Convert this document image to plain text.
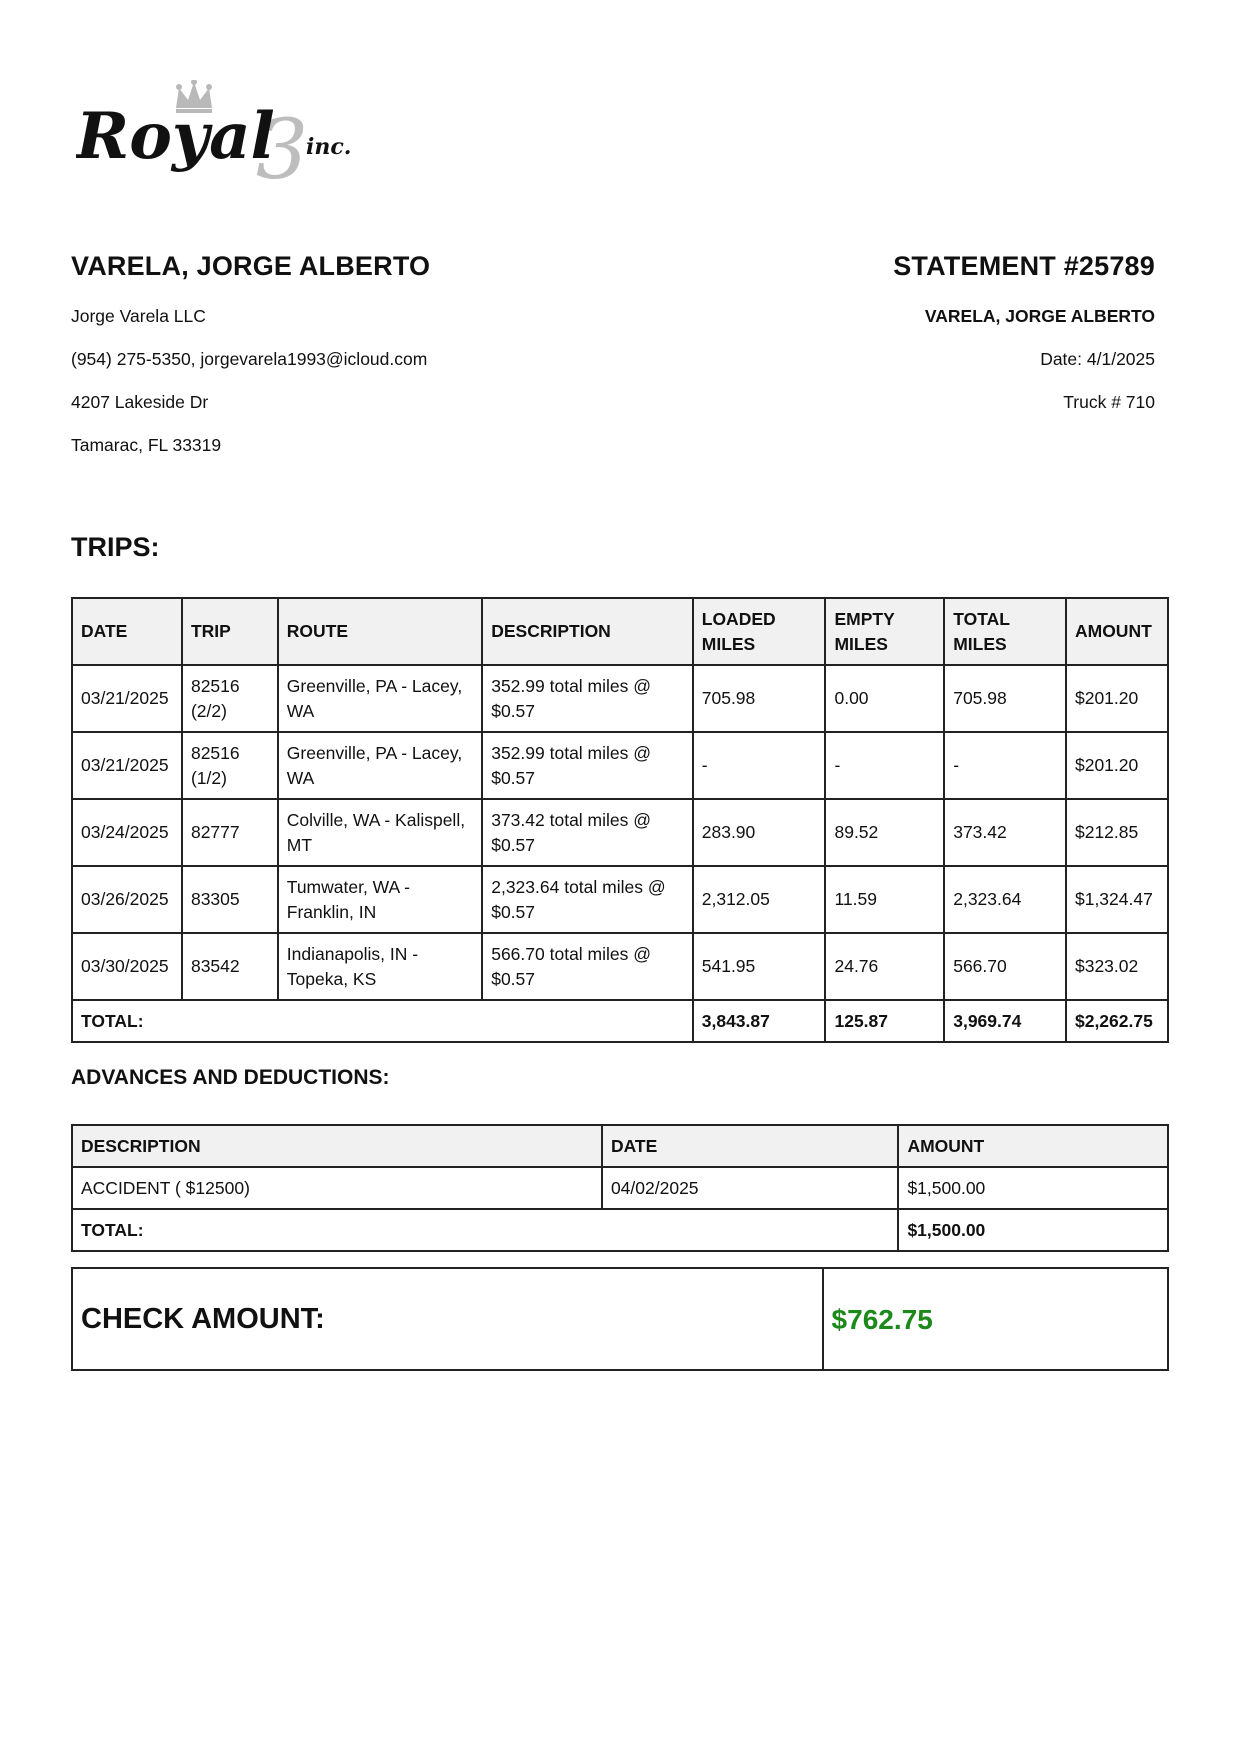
3
Royal inc.
VARELA, JORGE ALBERTO
Jorge Varela LLC
(954) 275-5350, jorgevarela1993@icloud.com
4207 Lakeside Dr
Tamarac, FL 33319
STATEMENT #25789
VARELA, JORGE ALBERTO
Date: 4/1/2025
Truck # 710
TRIPS:
DATE	TRIP	ROUTE	DESCRIPTION	LOADED MILES	EMPTY MILES	TOTAL MILES	AMOUNT
03/21/2025	82516 (2/2)	Greenville, PA - Lacey, WA	352.99 total miles @ $0.57	705.98	0.00	705.98	$201.20
03/21/2025	82516 (1/2)	Greenville, PA - Lacey, WA	352.99 total miles @ $0.57	-	-	-	$201.20
03/24/2025	82777	Colville, WA - Kalispell, MT	373.42 total miles @ $0.57	283.90	89.52	373.42	$212.85
03/26/2025	83305	Tumwater, WA - Franklin, IN	2,323.64 total miles @ $0.57	2,312.05	11.59	2,323.64	$1,324.47
03/30/2025	83542	Indianapolis, IN - Topeka, KS	566.70 total miles @ $0.57	541.95	24.76	566.70	$323.02
TOTAL:				3,843.87	125.87	3,969.74	$2,262.75
ADVANCES AND DEDUCTIONS:
DESCRIPTION	DATE	AMOUNT
ACCIDENT ( $12500)	04/02/2025	$1,500.00
TOTAL:		$1,500.00
CHECK AMOUNT:	$762.75
